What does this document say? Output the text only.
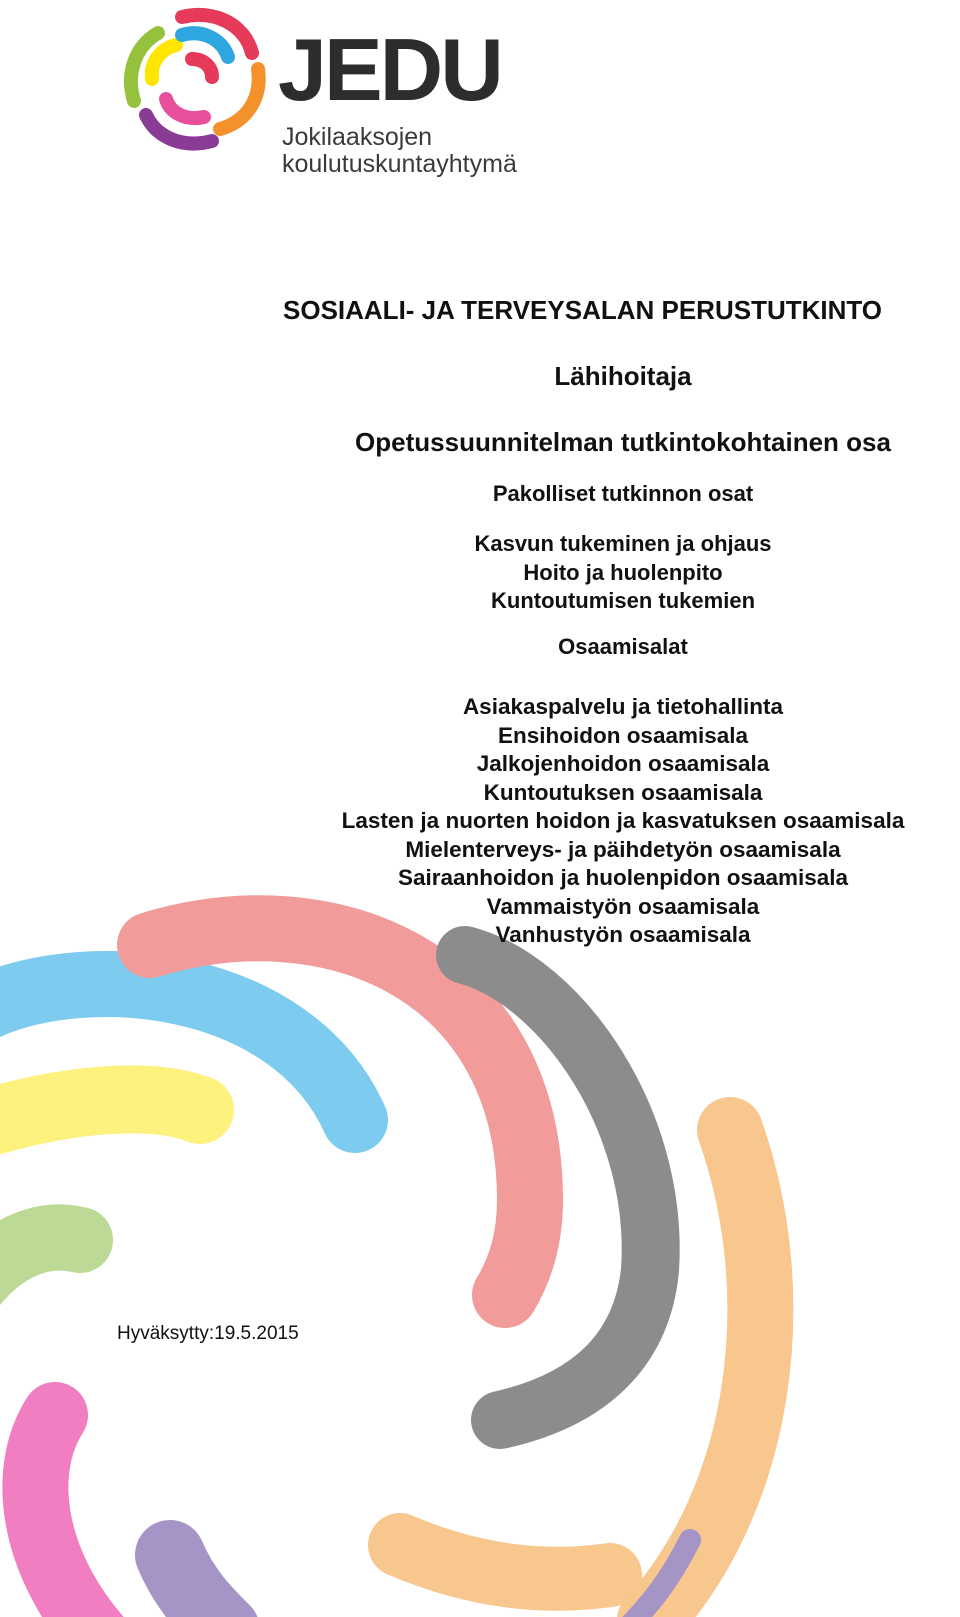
JEDU

Jokilaaksojen

koulutuskuntayhtymä

SOSIAALI- JA TERVEYSALAN PERUSTUTKINTO
Lähihoitaja
Opetussuunnitelman tutkintokohtainen osa
Pakolliset tutkinnon osat
Kasvun tukeminen ja ohjaus
Hoito ja huolenpito
Kuntoutumisen tukemien
Osaamisalat
Asiakaspalvelu ja tietohallinta
Ensihoidon osaamisala
Jalkojenhoidon osaamisala
Kuntoutuksen osaamisala
Lasten ja nuorten hoidon ja kasvatuksen osaamisala
Mielenterveys- ja päihdetyön osaamisala
Sairaanhoidon ja huolenpidon osaamisala
Vammaistyön osaamisala
Vanhustyön osaamisala

Hyväksytty:19.5.2015
